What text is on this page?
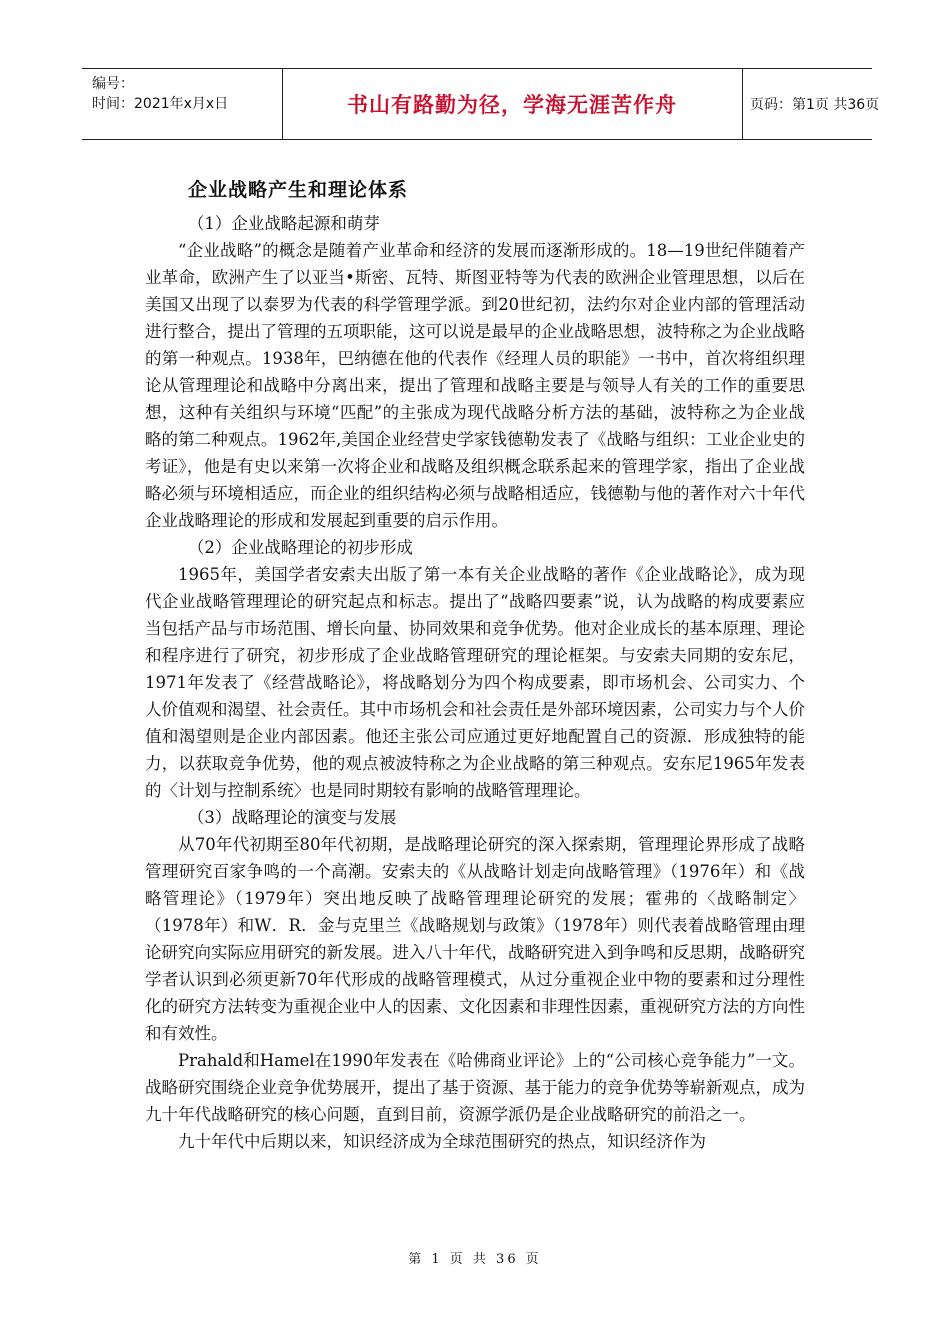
编号：
时间：2021年x月x日	书山有路勤为径，学海无涯苦作舟	页码：第1页 共36页
企业战略产生和理论体系

（1）企业战略起源和萌芽

“企业战略”的概念是随着产业革命和经济的发展而逐渐形成的。18—19世纪伴随着产业革命，欧洲产生了以亚当•斯密、瓦特、斯图亚特等为代表的欧洲企业管理思想，以后在美国又出现了以泰罗为代表的科学管理学派。到20世纪初，法约尔对企业内部的管理活动进行整合，提出了管理的五项职能，这可以说是最早的企业战略思想，波特称之为企业战略的第一种观点。1938年，巴纳德在他的代表作《经理人员的职能》一书中，首次将组织理论从管理理论和战略中分离出来，提出了管理和战略主要是与领导人有关的工作的重要思想，这种有关组织与环境“匹配”的主张成为现代战略分析方法的基础，波特称之为企业战略的第二种观点。1962年,美国企业经营史学家钱德勒发表了《战略与组织：工业企业史的考证》，他是有史以来第一次将企业和战略及组织概念联系起来的管理学家，指出了企业战略必须与环境相适应，而企业的组织结构必须与战略相适应，钱德勒与他的著作对六十年代企业战略理论的形成和发展起到重要的启示作用。

（2）企业战略理论的初步形成

1965年，美国学者安索夫出版了第一本有关企业战略的著作《企业战略论》，成为现代企业战略管理理论的研究起点和标志。提出了“战略四要素”说，认为战略的构成要素应当包括产品与市场范围、增长向量、协同效果和竞争优势。他对企业成长的基本原理、理论和程序进行了研究，初步形成了企业战略管理研究的理论框架。与安索夫同期的安东尼，1971年发表了《经营战略论》，将战略划分为四个构成要素，即市场机会、公司实力、个人价值观和渴望、社会责任。其中市场机会和社会责任是外部环境因素，公司实力与个人价值和渴望则是企业内部因素。他还主张公司应通过更好地配置自己的资源．形成独特的能力，以获取竞争优势，他的观点被波特称之为企业战略的第三种观点。安东尼1965年发表的〈计划与控制系统〉也是同时期较有影响的战略管理理论。

（3）战略理论的演变与发展

从70年代初期至80年代初期，是战略理论研究的深入探索期，管理理论界形成了战略管理研究百家争鸣的一个高潮。安索夫的《从战略计划走向战略管理》（1976年）和《战略管理论》（1979年）突出地反映了战略管理理论研究的发展；霍弗的〈战略制定〉（1978年）和W．R．金与克里兰《战略规划与政策》（1978年）则代表着战略管理由理论研究向实际应用研究的新发展。进入八十年代，战略研究进入到争鸣和反思期，战略研究学者认识到必须更新70年代形成的战略管理模式，从过分重视企业中物的要素和过分理性化的研究方法转变为重视企业中人的因素、文化因素和非理性因素，重视研究方法的方向性和有效性。

Prahald和Hamel在1990年发表在《哈佛商业评论》上的“公司核心竞争能力”一文。战略研究围绕企业竞争优势展开，提出了基于资源、基于能力的竞争优势等崭新观点，成为九十年代战略研究的核心问题，直到目前，资源学派仍是企业战略研究的前沿之一。

九十年代中后期以来，知识经济成为全球范围研究的热点，知识经济作为

第 1 页 共 36 页
